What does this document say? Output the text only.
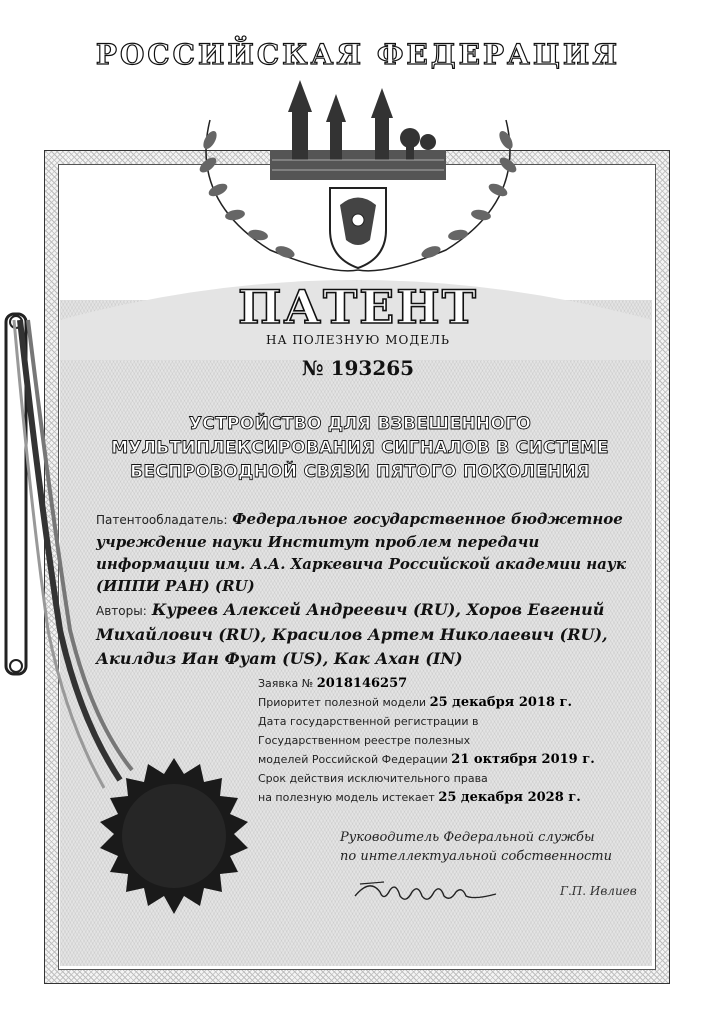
РОССИЙСКАЯ ФЕДЕРАЦИЯ
ПАТЕНТ
НА ПОЛЕЗНУЮ МОДЕЛЬ
№ 193265
УСТРОЙСТВО ДЛЯ ВЗВЕШЕННОГО
МУЛЬТИПЛЕКСИРОВАНИЯ СИГНАЛОВ В СИСТЕМЕ
БЕСПРОВОДНОЙ СВЯЗИ ПЯТОГО ПОКОЛЕНИЯ
Патентообладатель: Федеральное государственное бюджетное учреждение науки Институт проблем передачи информации им. А.А. Харкевича Российской академии наук (ИППИ РАН) (RU)
Авторы: Куреев Алексей Андреевич (RU), Хоров Евгений Михайлович (RU), Красилов Артем Николаевич (RU), Акилдиз Иан Фуат (US), Как Ахан (IN)
Заявка № 2018146257
Приоритет полезной модели 25 декабря 2018 г.
Дата государственной регистрации в
Государственном реестре полезных
моделей Российской Федерации 21 октября 2019 г.
Срок действия исключительного права
на полезную модель истекает 25 декабря 2028 г.
Руководитель Федеральной службы
по интеллектуальной собственности
Г.П. Ивлиев
